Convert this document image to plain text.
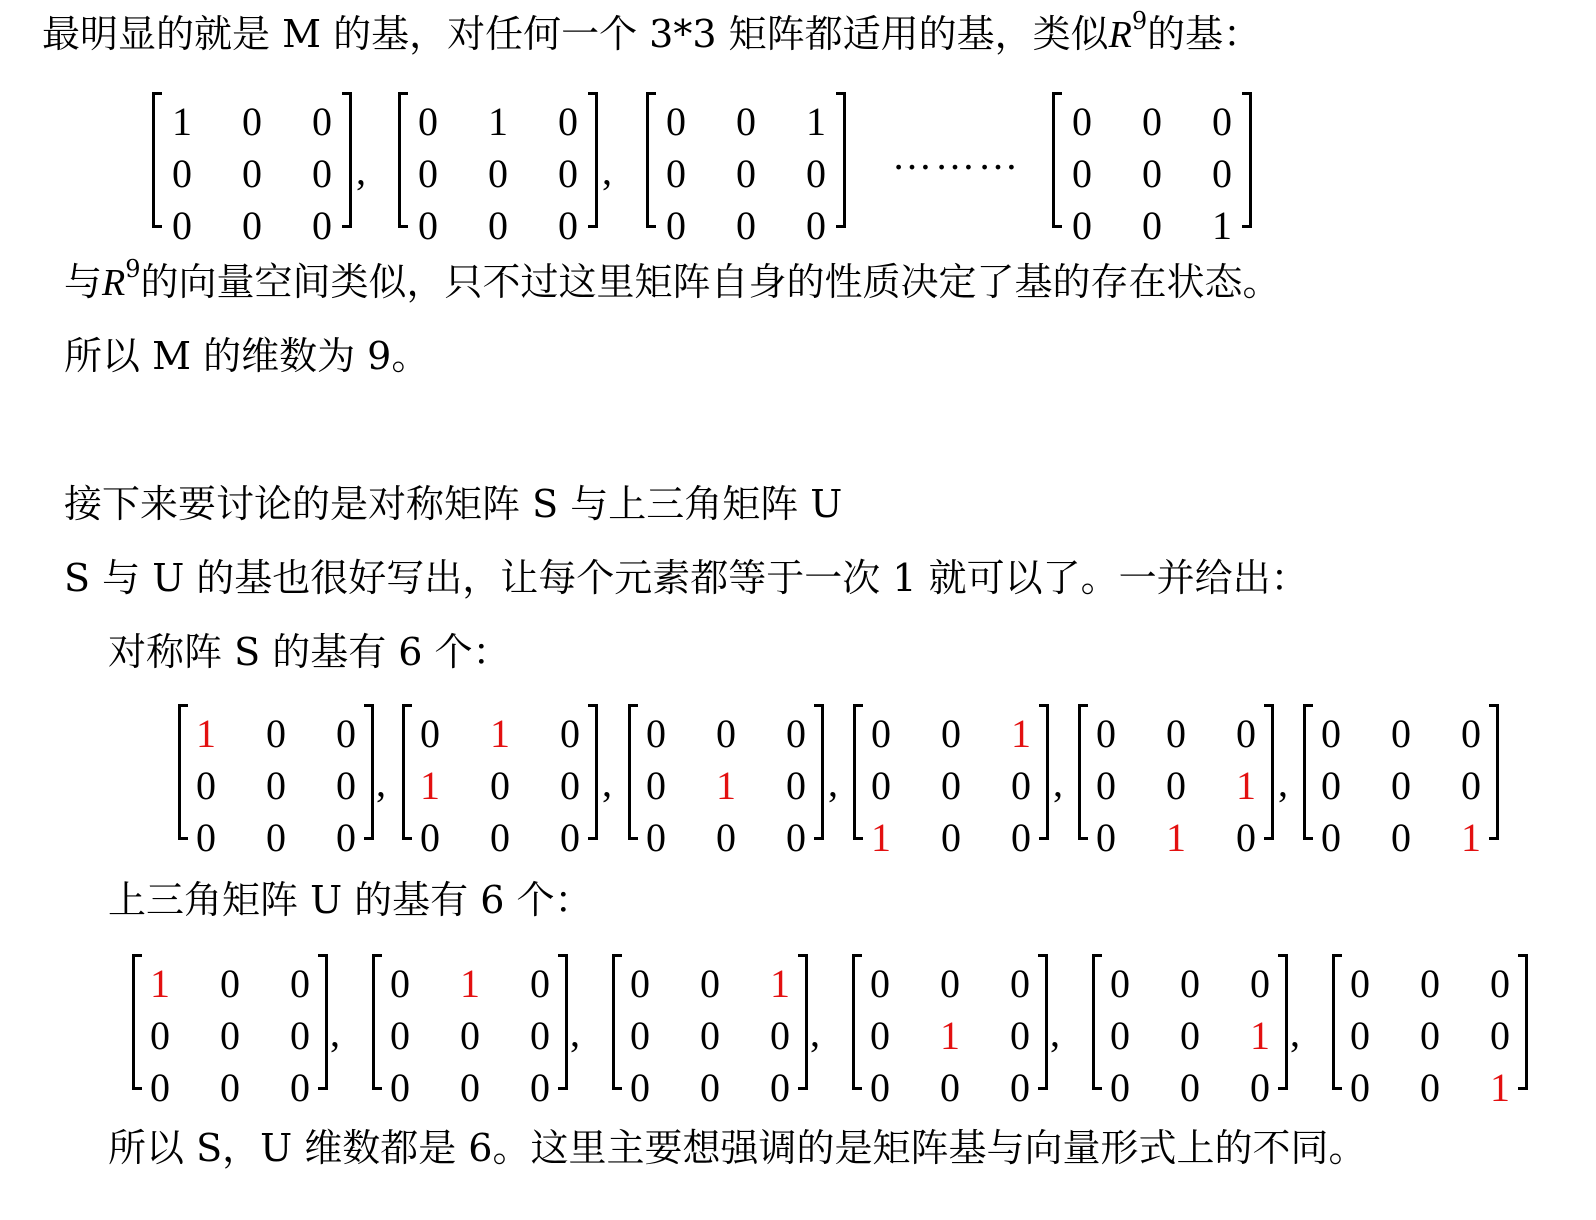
最明显的就是 M 的基，对任何一个 3*3 矩阵都适用的基，类似$R^9$的基：
1 0 0
0 0 0
0 0 0
0 1 0
0 0 0
0 0 0
0 0 1
0 0 0
0 0 0
0 0 0
0 0 0
0 0 1
,	,	………
与$R^9$的向量空间类似，只不过这里矩阵自身的性质决定了基的存在状态。
所以 M 的维数为 9。
接下来要讨论的是对称矩阵 S 与上三角矩阵 U
S 与 U 的基也很好写出，让每个元素都等于一次 1 就可以了。一并给出：
对称阵 S 的基有 6 个：
1 0 0
0 0 0
0 0 0
0 1 0
1 0 0
0 0 0
0 0 0
0 1 0
0 0 0
0 0 1
0 0 0
1 0 0
0 0 0
0 0 1
0 1 0
0 0 0
0 0 0
0 0 1
,	,	,	,	,
上三角矩阵 U 的基有 6 个：
1 0 0
0 0 0
0 0 0
0 1 0
0 0 0
0 0 0
0 0 1
0 0 0
0 0 0
0 0 0
0 1 0
0 0 0
0 0 0
0 0 1
0 0 0
0 0 0
0 0 0
0 0 1
,	,	,	,	,
所以 S，U 维数都是 6。这里主要想强调的是矩阵基与向量形式上的不同。
